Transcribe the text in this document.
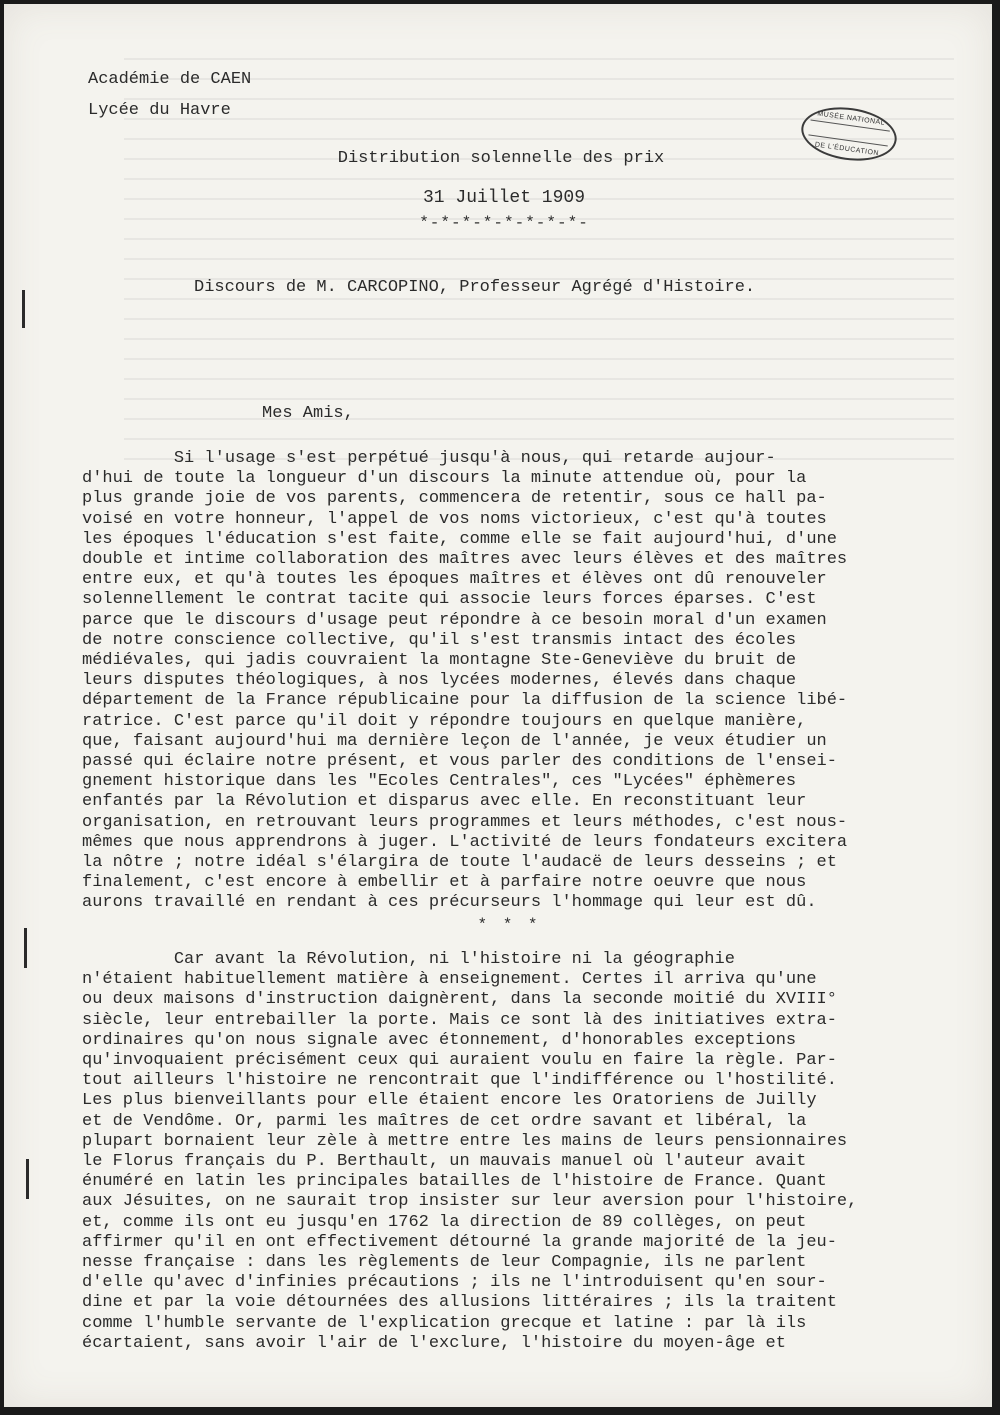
Académie de CAEN
Lycée du Havre	MUSÉE NATIONAL
DE L'ÉDUCATION
Distribution solennelle des prix
31 Juillet 1909
*-*-*-*-*-*-*-*-
Discours de M. CARCOPINO, Professeur Agrégé d'Histoire.
Mes Amis,
Si l'usage s'est perpétué jusqu'à nous, qui retarde aujour-
d'hui de toute la longueur d'un discours la minute attendue où, pour la
plus grande joie de vos parents, commencera de retentir, sous ce hall pa-
voisé en votre honneur, l'appel de vos noms victorieux, c'est qu'à toutes
les époques l'éducation s'est faite, comme elle se fait aujourd'hui, d'une
double et intime collaboration des maîtres avec leurs élèves et des maîtres
entre eux, et qu'à toutes les époques maîtres et élèves ont dû renouveler
solennellement le contrat tacite qui associe leurs forces éparses. C'est
parce que le discours d'usage peut répondre à ce besoin moral d'un examen
de notre conscience collective, qu'il s'est transmis intact des écoles
médiévales, qui jadis couvraient la montagne Ste-Geneviève du bruit de
leurs disputes théologiques, à nos lycées modernes, élevés dans chaque
département de la France républicaine pour la diffusion de la science libé-
ratrice. C'est parce qu'il doit y répondre toujours en quelque manière,
que, faisant aujourd'hui ma dernière leçon de l'année, je veux étudier un
passé qui éclaire notre présent, et vous parler des conditions de l'ensei-
gnement historique dans les "Ecoles Centrales", ces "Lycées" éphèmeres
enfantés par la Révolution et disparus avec elle. En reconstituant leur
organisation, en retrouvant leurs programmes et leurs méthodes, c'est nous-
mêmes que nous apprendrons à juger. L'activité de leurs fondateurs excitera
la nôtre ; notre idéal s'élargira de toute l'audacë de leurs desseins ; et
finalement, c'est encore à embellir et à parfaire notre oeuvre que nous
aurons travaillé en rendant à ces précurseurs l'hommage qui leur est dû.
* * *
Car avant la Révolution, ni l'histoire ni la géographie
n'étaient habituellement matière à enseignement. Certes il arriva qu'une
ou deux maisons d'instruction daignèrent, dans la seconde moitié du XVIII°
siècle, leur entrebailler la porte. Mais ce sont là des initiatives extra-
ordinaires qu'on nous signale avec étonnement, d'honorables exceptions
qu'invoquaient précisément ceux qui auraient voulu en faire la règle. Par-
tout ailleurs l'histoire ne rencontrait que l'indifférence ou l'hostilité.
Les plus bienveillants pour elle étaient encore les Oratoriens de Juilly
et de Vendôme. Or, parmi les maîtres de cet ordre savant et libéral, la
plupart bornaient leur zèle à mettre entre les mains de leurs pensionnaires
le Florus français du P. Berthault, un mauvais manuel où l'auteur avait
énuméré en latin les principales batailles de l'histoire de France. Quant
aux Jésuites, on ne saurait trop insister sur leur aversion pour l'histoire,
et, comme ils ont eu jusqu'en 1762 la direction de 89 collèges, on peut
affirmer qu'il en ont effectivement détourné la grande majorité de la jeu-
nesse française : dans les règlements de leur Compagnie, ils ne parlent
d'elle qu'avec d'infinies précautions ; ils ne l'introduisent qu'en sour-
dine et par la voie détournées des allusions littéraires ; ils la traitent
comme l'humble servante de l'explication grecque et latine : par là ils
écartaient, sans avoir l'air de l'exclure, l'histoire du moyen-âge et
